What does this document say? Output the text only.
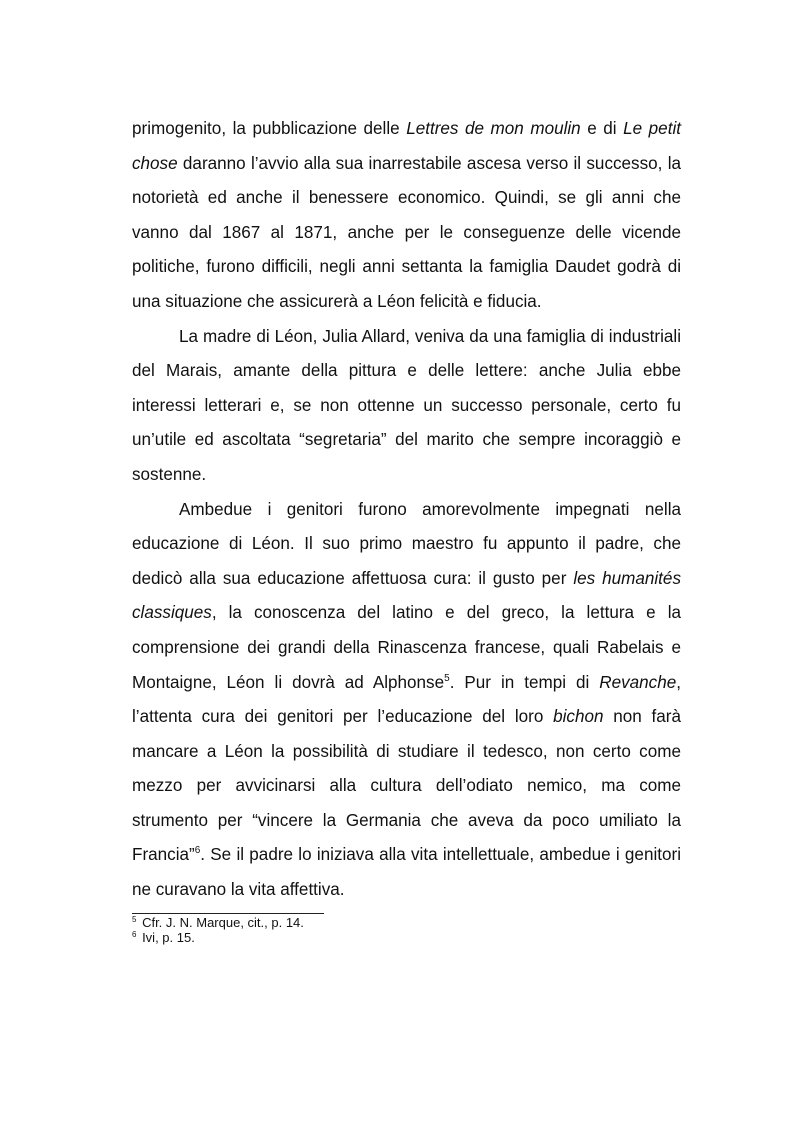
primogenito, la pubblicazione delle Lettres de mon moulin e di Le petit chose daranno l’avvio alla sua inarrestabile ascesa verso il successo, la notorietà ed anche il benessere economico. Quindi, se gli anni che vanno dal 1867 al 1871, anche per le conseguenze delle vicende politiche, furono difficili, negli anni settanta la famiglia Daudet godrà di una situazione che assicurerà a Léon felicità e fiducia.

La madre di Léon, Julia Allard, veniva da una famiglia di industriali del Marais, amante della pittura e delle lettere: anche Julia ebbe interessi letterari e, se non ottenne un successo personale, certo fu un’utile ed ascoltata “segretaria” del marito che sempre incoraggiò e sostenne.

Ambedue i genitori furono amorevolmente impegnati nella educazione di Léon. Il suo primo maestro fu appunto il padre, che dedicò alla sua educazione affettuosa cura: il gusto per les humanités classiques, la conoscenza del latino e del greco, la lettura e la comprensione dei grandi della Rinascenza francese, quali Rabelais e Montaigne, Léon li dovrà ad Alphonse$^5$. Pur in tempi di Revanche, l’attenta cura dei genitori per l’educazione del loro bichon non farà mancare a Léon la possibilità di studiare il tedesco, non certo come mezzo per avvicinarsi alla cultura dell’odiato nemico, ma come strumento per “vincere la Germania che aveva da poco umiliato la Francia”$^6$. Se il padre lo iniziava alla vita intellettuale, ambedue i genitori ne curavano la vita affettiva.

$^5$ Cfr. J. N. Marque, cit., p. 14.

$^6$ Ivi, p. 15.
